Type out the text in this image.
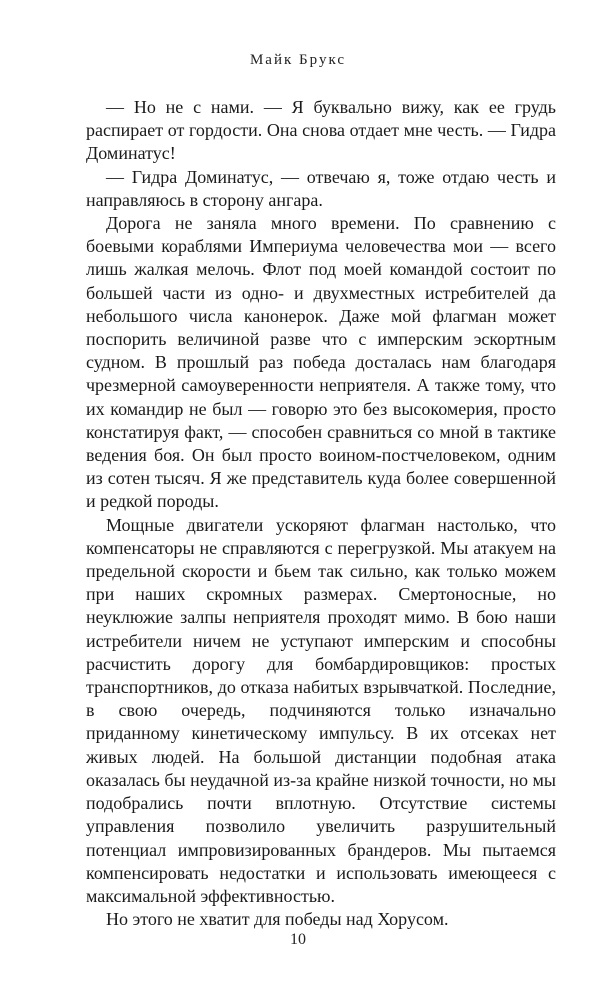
Майк Брукс

— Но не с нами. — Я буквально вижу, как ее грудь распирает от гордости. Она снова отдает мне честь. — Гидра Доминатус!

— Гидра Доминатус, — отвечаю я, тоже отдаю честь и направляюсь в сторону ангара.

Дорога не заняла много времени. По сравнению с боевыми кораблями Империума человечества мои — всего лишь жалкая мелочь. Флот под моей командой состоит по большей части из одно- и двухместных истребителей да небольшого числа канонерок. Даже мой флагман может поспорить величиной разве что с имперским эскортным судном. В прошлый раз победа досталась нам благодаря чрезмерной самоуверенности неприятеля. А также тому, что их командир не был — говорю это без высокомерия, просто констатируя факт, — способен сравниться со мной в тактике ведения боя. Он был просто воином-постчеловеком, одним из сотен тысяч. Я же представитель куда более совершенной и редкой породы.

Мощные двигатели ускоряют флагман настолько, что компенсаторы не справляются с перегрузкой. Мы атакуем на предельной скорости и бьем так сильно, как только можем при наших скромных размерах. Смертоносные, но неуклюжие залпы неприятеля проходят мимо. В бою наши истребители ничем не уступают имперским и способны расчистить дорогу для бомбардировщиков: простых транспортников, до отказа набитых взрывчаткой. Последние, в свою очередь, подчиняются только изначально приданному кинетическому импульсу. В их отсеках нет живых людей. На большой дистанции подобная атака оказалась бы неудачной из-за крайне низкой точности, но мы подобрались почти вплотную. Отсутствие системы управления позволило увеличить разрушительный потенциал импровизированных брандеров. Мы пытаемся компенсировать недостатки и использовать имеющееся с максимальной эффективностью.

Но этого не хватит для победы над Хорусом.

10
